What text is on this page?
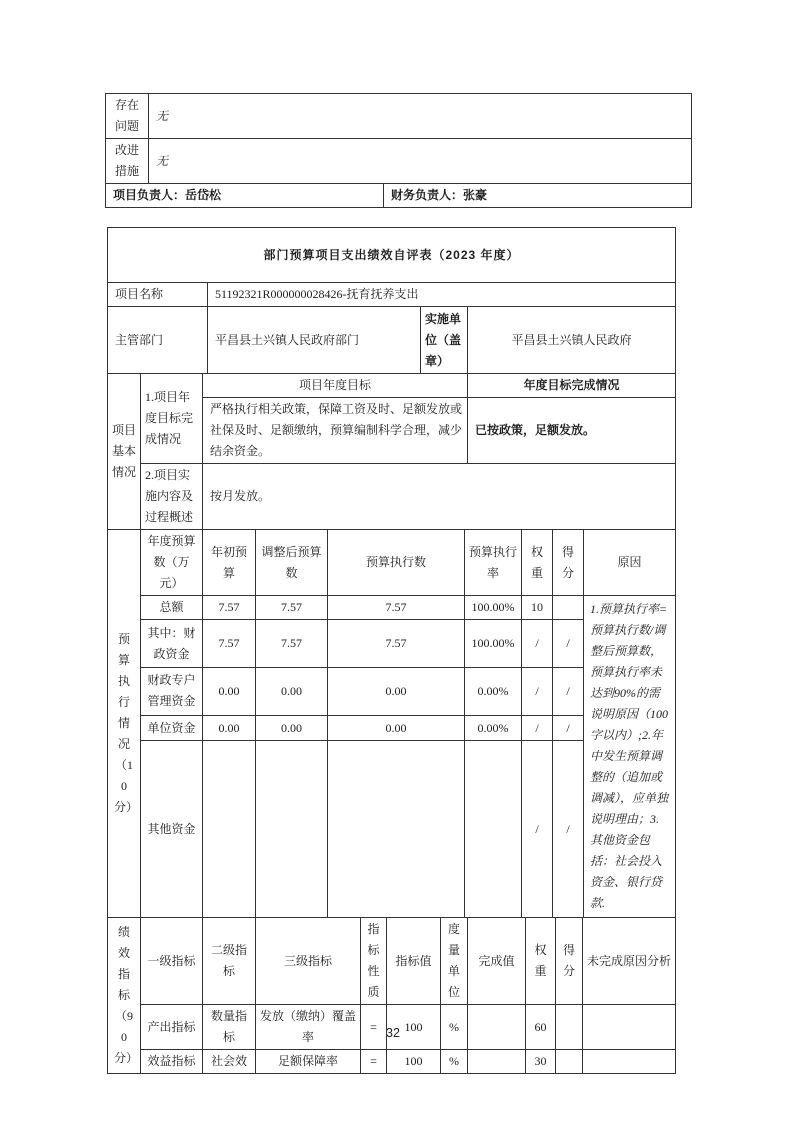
存在问题	无	
改进措施	无	
项目负责人：岳岱松		财务负责人：张豪
部门预算项目支出绩效自评表（2023 年度）			
项目名称	51192321R000000028426-抚育抚养支出		
主管部门	平昌县土兴镇人民政府部门	实施单位（盖章）	平昌县土兴镇人民政府
项目基本情况	1.项目年度目标完成情况	项目年度目标	年度目标完成情况
		严格执行相关政策，保障工资及时、足额发放或社保及时、足额缴纳，预算编制科学合理，减少结余资金。	已按政策，足额发放。
	2.项目实施内容及过程概述	按月发放。	
预算执行情况（10分）	年度预算数（万元）	年初预算	调整后预算数	预算执行数	预算执行率	权重	得分	原因
	总额	7.57	7.57	7.57	100.00%	10		1.预算执行率=预算执行数/调整后预算数，预算执行率未达到90%的需说明原因（100字以内）;2.年中发生预算调整的（追加或调减），应单独说明理由；3.其他资金包括：社会投入资金、银行贷款.
	其中：财政资金	7.57	7.57	7.57	100.00%	/	/	
	财政专户管理资金	0.00	0.00	0.00	0.00%	/	/	
	单位资金	0.00	0.00	0.00	0.00%	/	/	
	其他资金					/	/	
绩效指标（90分）	一级指标	二级指标	三级指标	指标性质	指标值	度量单位	完成值	权重	得分	未完成原因分析
	产出指标	数量指标	发放（缴纳）覆盖率	=	100	%		60		
	效益指标	社会效	足额保障率	=	100	%		30		
32
